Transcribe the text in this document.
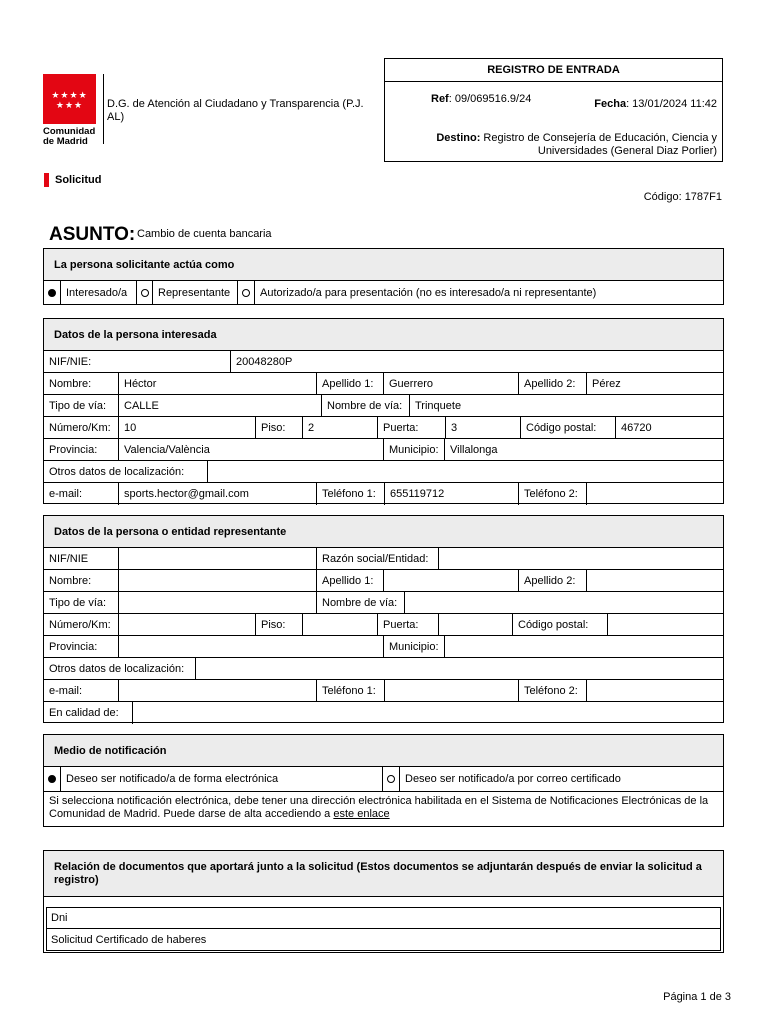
★★★★
★★★
Comunidad
de Madrid
D.G. de Atención al Ciudadano y Transparencia (P.J. AL)
REGISTRO DE ENTRADA
Ref: 09/069516.9/24	Fecha: 13/01/2024 11:42
Destino: Registro de Consejería de Educación, Ciencia y Universidades (General Diaz Porlier)
Solicitud
Código: 1787F1
ASUNTO: Cambio de cuenta bancaria
La persona solicitante actúa como
Interesado/a	Representante	Autorizado/a para presentación (no es interesado/a ni representante)
Datos de la persona interesada
NIF/NIE:	20048280P
Nombre:	Héctor	Apellido 1:	Guerrero	Apellido 2:	Pérez
Tipo de vía:	CALLE	Nombre de vía:	Trinquete
Número/Km:	10	Piso:	2	Puerta:	3	Código postal:	46720
Provincia:	Valencia/València	Municipio:	Villalonga
Otros datos de localización:
e-mail:	sports.hector@gmail.com	Teléfono 1:	655119712	Teléfono 2:
Datos de la persona o entidad representante
NIF/NIE	Razón social/Entidad:
Nombre:	Apellido 1:	Apellido 2:
Tipo de vía:	Nombre de vía:
Número/Km:	Piso:	Puerta:	Código postal:
Provincia:	Municipio:
Otros datos de localización:
e-mail:	Teléfono 1:	Teléfono 2:
En calidad de:
Medio de notificación
Deseo ser notificado/a de forma electrónica	Deseo ser notificado/a por correo certificado
Si selecciona notificación electrónica, debe tener una dirección electrónica habilitada en el Sistema de Notificaciones Electrónicas de la Comunidad de Madrid. Puede darse de alta accediendo a este enlace
Relación de documentos que aportará junto a la solicitud (Estos documentos se adjuntarán después de enviar la solicitud a registro)
Dni
Solicitud Certificado de haberes
Página 1 de 3
